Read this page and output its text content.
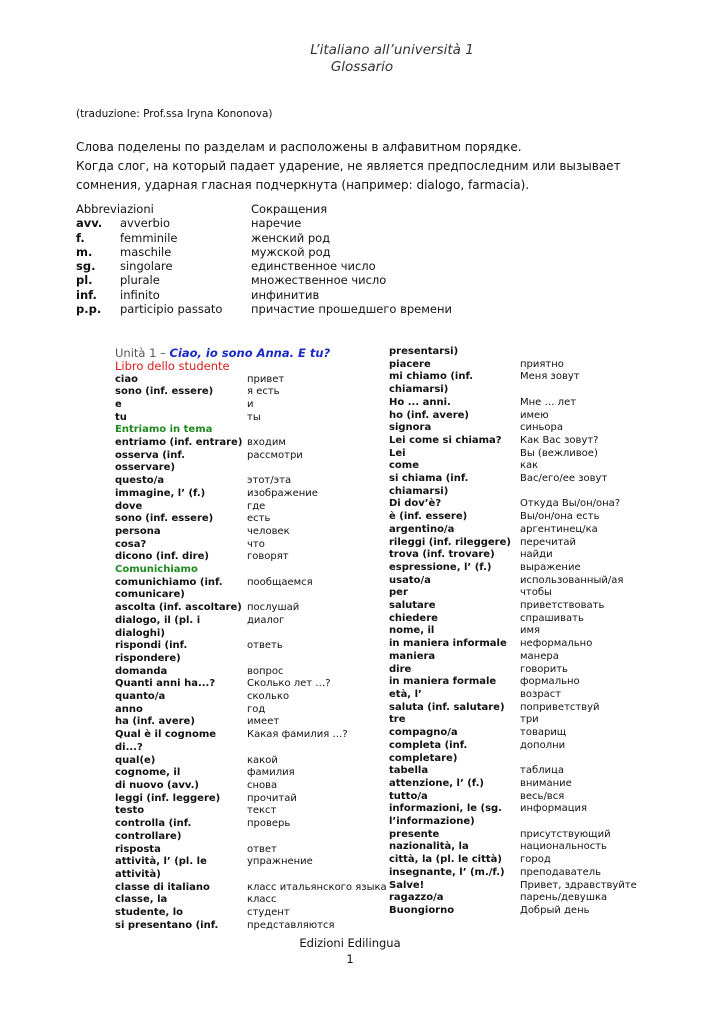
L’italiano all’università 1
Glossario
(traduzione: Prof.ssa Iryna Kononova)
Слова поделены по разделам и расположены в алфавитном порядке.
Когда слог, на который падает ударение, не является предпоследним или вызывает
сомнения, ударная гласная подчеркнута (например: dialogo, farmacia).
Abbreviazioni	Сокращения
avv. avverbio	наречие
f.	femminile	женский род
m. maschile	мужской род
sg. singolare	единственное число
pl. plurale	множественное число
inf. infinito	инфинитив
p.p. participio passato причастие прошедшего времени
Unità 1 – Ciao, io sono Anna. E tu?
Libro dello studente
ciao	привет
sono (inf. essere)	я есть
e	и
tu	ты
Entriamo in tema
entriamo (inf. entrare) входим
osserva (inf. osservare)
рассмотри
questo/a	этот/эта
immagine, l’ (f.)	изображение
dove	где
sono (inf. essere)	есть
persona	человек
cosa?	что
dicono (inf. dire)	говорят
Comunichiamo
comunichiamo (inf. comunicare)
пообщаемся
ascolta (inf. ascoltare) послушай
dialogo, il (pl. i dialoghi)
диалог
rispondi (inf. rispondere)
ответь
domanda	вопрос
Quanti anni ha...?	Сколько лет …?
quanto/a	сколько
anno	год
ha (inf. avere)	имеет
Qual è il cognome di...?
Какая фамилия …?
qual(e)	какой
cognome, il	фамилия
di nuovo (avv.)	снова
leggi (inf. leggere)	прочитай
testo	текст
controlla (inf. controllare)
проверь
risposta	ответ
attività, l’ (pl. le attività)
упражнение
classe di italiano	класс итальянского языка
classe, la	класс
studente, lo	студент
si presentano (inf.	представляются
presentarsi)
piacere	приятно
mi chiamo (inf. chiamarsi)
Меня зовут
Ho ... anni.	Мне … лет
ho (inf. avere)	имею
signora	синьора
Lei come si chiama?	Как Вас зовут?
Lei	Вы (вежливое)
come	как
si chiama (inf. chiamarsi)
Вас/его/ее зовут
Di dov’è?	Откуда Вы/он/она?
è (inf. essere)	Вы/он/она есть
argentino/a	аргентинец/ка
rileggi (inf. rileggere) перечитай
trova (inf. trovare)	найди
espressione, l’ (f.)	выражение
usato/a	использованный/ая
per	чтобы
salutare	приветствовать
chiedere	спрашивать
nome, il	имя
in maniera informale	неформально
maniera	манера
dire	говорить
in maniera formale	формально
età, l’	возраст
saluta (inf. salutare)	поприветствуй
tre	три
compagno/a	товарищ
completa (inf. completare)
дополни
tabella	таблица
attenzione, l’ (f.)	внимание
tutto/a	весь/вся
informazioni, le (sg. l’informazione)
информация
presente	присутствующий
nazionalità, la	национальность
città, la (pl. le città)	город
insegnante, l’ (m./f.)	преподаватель
Salve!	Привет, здравствуйте
ragazzo/a	парень/девушка
Buongiorno	Добрый день
Edizioni Edilingua
1
